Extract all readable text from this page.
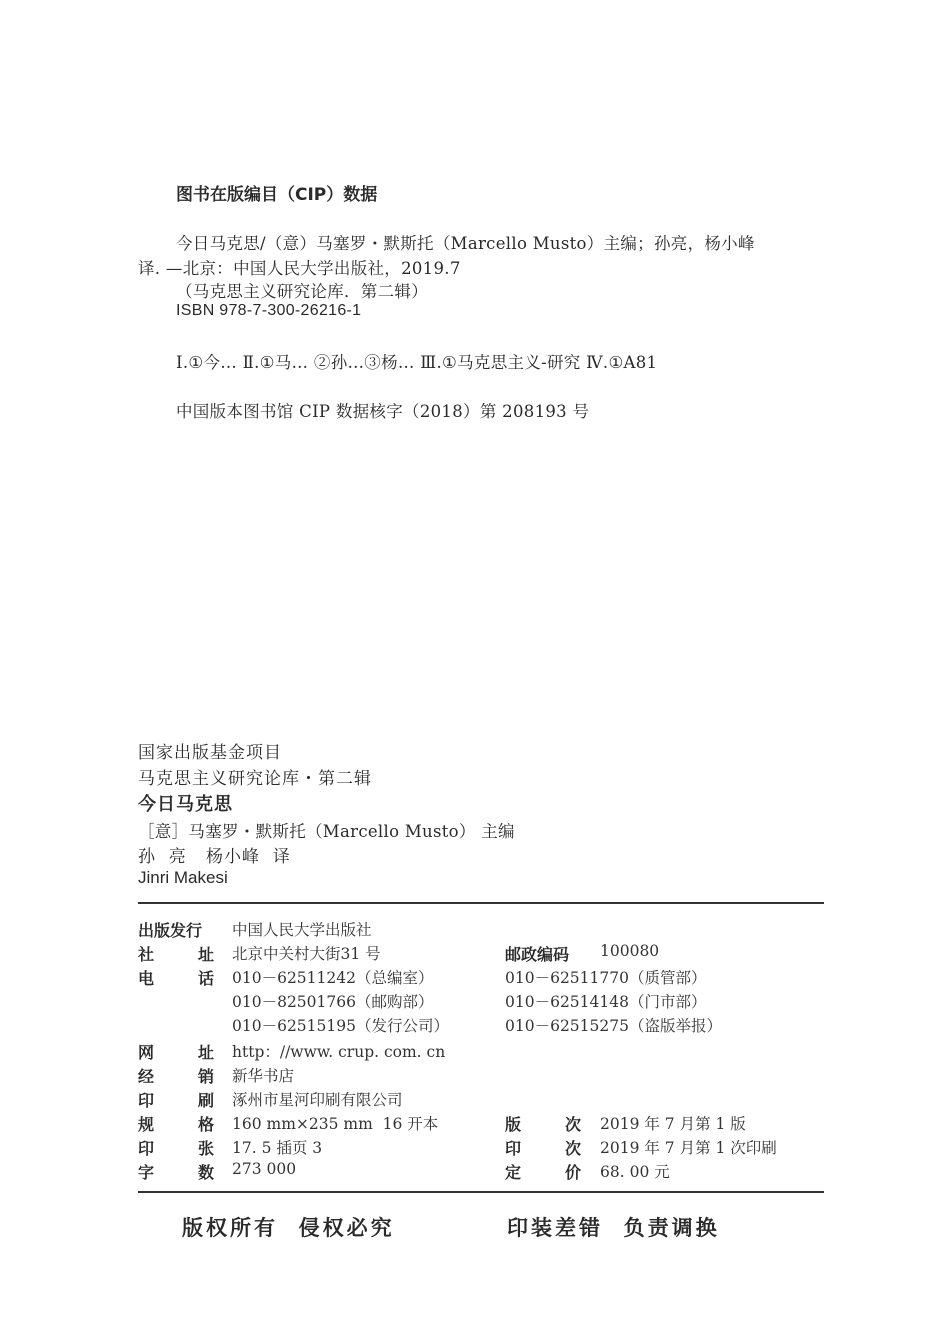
图书在版编目（CIP）数据
今日马克思/（意）马塞罗・默斯托（Marcello Musto）主编；孙亮，杨小峰
译. —北京：中国人民大学出版社，2019.7
（马克思主义研究论库．第二辑）
ISBN 978-7-300-26216-1
Ⅰ.①今… Ⅱ.①马… ②孙…③杨… Ⅲ.①马克思主义-研究 Ⅳ.①A81
中国版本图书馆 CIP 数据核字（2018）第 208193 号
国家出版基金项目
马克思主义研究论库・第二辑
今日马克思
［意］马塞罗・默斯托（Marcello Musto） 主编
孙  亮   杨小峰  译
Jinri Makesi
出版发行 中国人民大学出版社
社	址 北京中关村大街31 号	邮政编码 100080
电	话 010－62511242（总编室）	010－62511770（质管部）
010－82501766（邮购部）	010－62514148（门市部）
010－62515195（发行公司）	010－62515275（盗版举报）
网	址 http：//www. crup. com. cn
经	销 新华书店
印	刷 涿州市星河印刷有限公司
规	格 160 mm×235 mm  16 开本	版	次 2019 年 7 月第 1 版
印	张 17. 5 插页 3	印	次 2019 年 7 月第 1 次印刷
字	数 273 000	定	价 68. 00 元
版权所有  侵权必究	印装差错  负责调换
